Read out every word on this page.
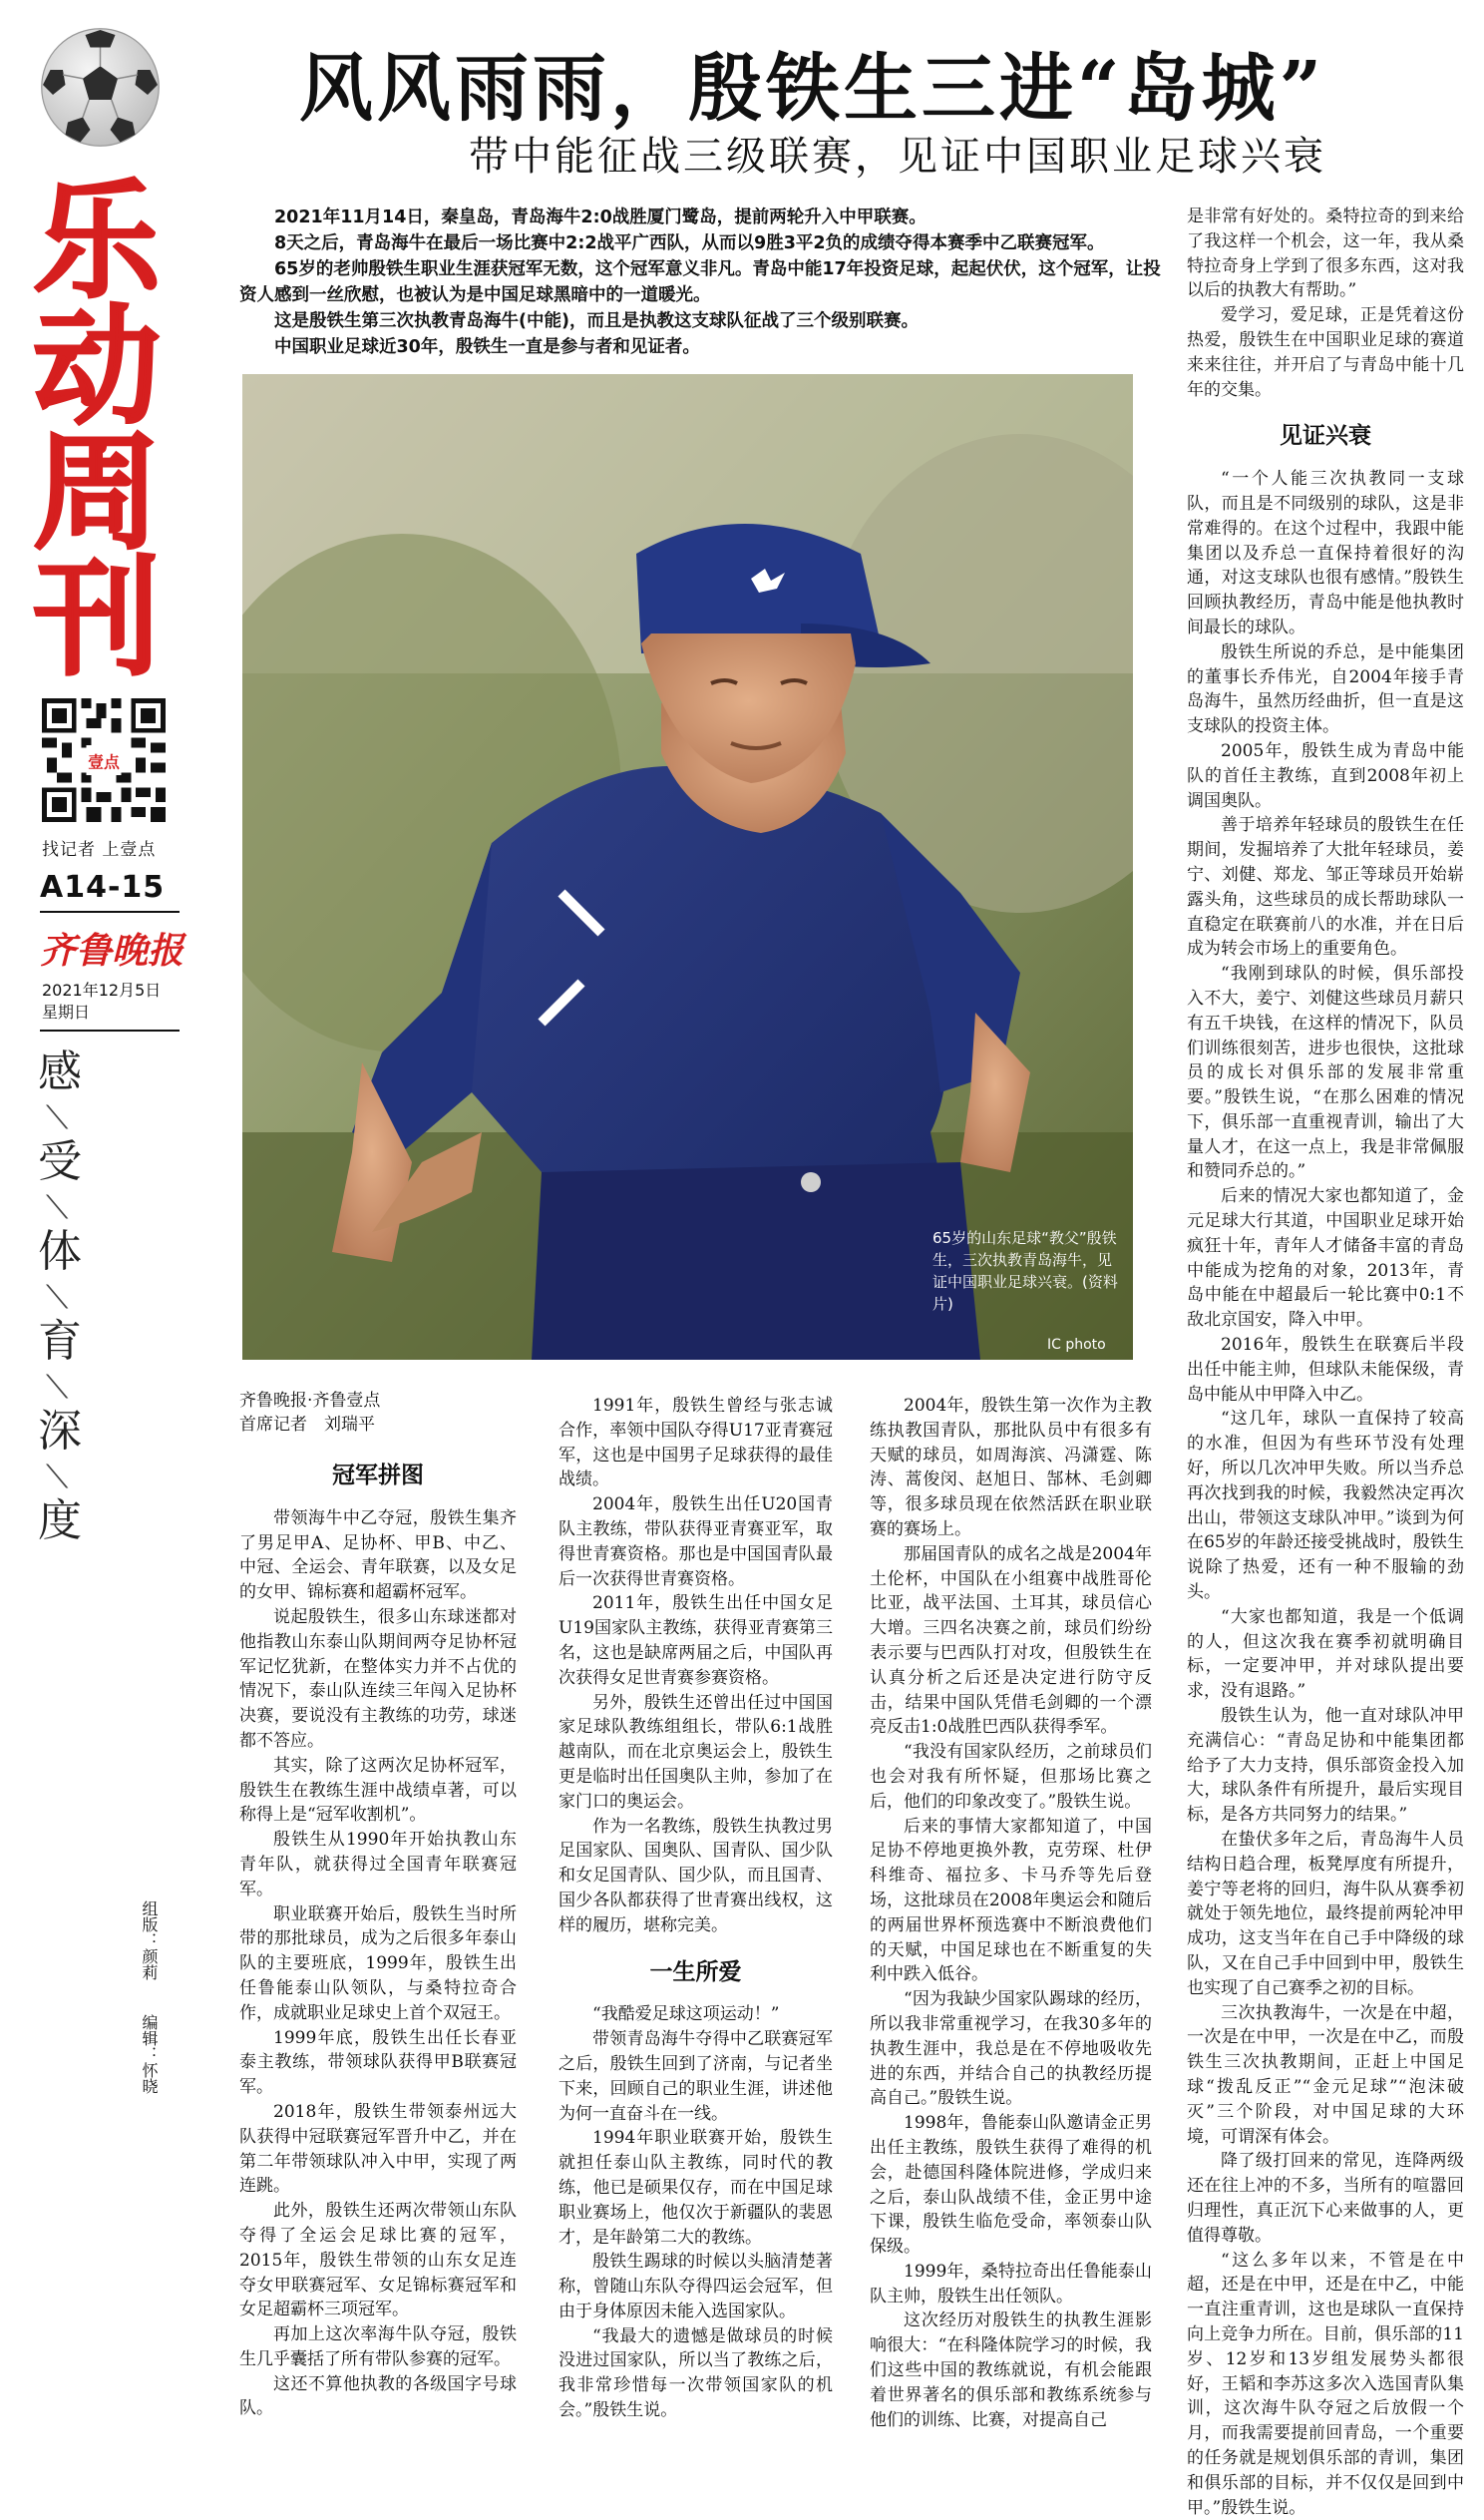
乐
动
周
刊
壹点
找记者 上壹点
A14-15
齐鲁晚报
2021年12月5日
星期日
感
⟍
受
⟍
体
⟍
育
⟍
深
⟍
度
组版：颜莉 编辑：怀晓
风风雨雨，殷铁生三进“岛城”
带中能征战三级联赛，见证中国职业足球兴衰

2021年11月14日，秦皇岛，青岛海牛2:0战胜厦门鹭岛，提前两轮升入中甲联赛。

8天之后，青岛海牛在最后一场比赛中2:2战平广西队，从而以9胜3平2负的成绩夺得本赛季中乙联赛冠军。

65岁的老帅殷铁生职业生涯获冠军无数，这个冠军意义非凡。青岛中能17年投资足球，起起伏伏，这个冠军，让投资人感到一丝欣慰，也被认为是中国足球黑暗中的一道暖光。

这是殷铁生第三次执教青岛海牛(中能)，而且是执教这支球队征战了三个级别联赛。

中国职业足球近30年，殷铁生一直是参与者和见证者。

65岁的山东足球“教父”殷铁生，三次执教青岛海牛，见证中国职业足球兴衰。(资料片)
IC photo
齐鲁晚报·齐鲁壹点
首席记者　刘瑞平
冠军拼图

带领海牛中乙夺冠，殷铁生集齐了男足甲A、足协杯、甲B、中乙、中冠、全运会、青年联赛，以及女足的女甲、锦标赛和超霸杯冠军。

说起殷铁生，很多山东球迷都对他指教山东泰山队期间两夺足协杯冠军记忆犹新，在整体实力并不占优的情况下，泰山队连续三年闯入足协杯决赛，要说没有主教练的功劳，球迷都不答应。

其实，除了这两次足协杯冠军，殷铁生在教练生涯中战绩卓著，可以称得上是“冠军收割机”。

殷铁生从1990年开始执教山东青年队，就获得过全国青年联赛冠军。

职业联赛开始后，殷铁生当时所带的那批球员，成为之后很多年泰山队的主要班底，1999年，殷铁生出任鲁能泰山队领队，与桑特拉奇合作，成就职业足球史上首个双冠王。

1999年底，殷铁生出任长春亚泰主教练，带领球队获得甲B联赛冠军。

2018年，殷铁生带领泰州远大队获得中冠联赛冠军晋升中乙，并在第二年带领球队冲入中甲，实现了两连跳。

此外，殷铁生还两次带领山东队夺得了全运会足球比赛的冠军，2015年，殷铁生带领的山东女足连夺女甲联赛冠军、女足锦标赛冠军和女足超霸杯三项冠军。

再加上这次率海牛队夺冠，殷铁生几乎囊括了所有带队参赛的冠军。

这还不算他执教的各级国字号球队。

1991年，殷铁生曾经与张志诚合作，率领中国队夺得U17亚青赛冠军，这也是中国男子足球获得的最佳战绩。

2004年，殷铁生出任U20国青队主教练，带队获得亚青赛亚军，取得世青赛资格。那也是中国国青队最后一次获得世青赛资格。

2011年，殷铁生出任中国女足U19国家队主教练，获得亚青赛第三名，这也是缺席两届之后，中国队再次获得女足世青赛参赛资格。

另外，殷铁生还曾出任过中国国家足球队教练组组长，带队6:1战胜越南队，而在北京奥运会上，殷铁生更是临时出任国奥队主帅，参加了在家门口的奥运会。

作为一名教练，殷铁生执教过男足国家队、国奥队、国青队、国少队和女足国青队、国少队，而且国青、国少各队都获得了世青赛出线权，这样的履历，堪称完美。

一生所爱

“我酷爱足球这项运动！”

带领青岛海牛夺得中乙联赛冠军之后，殷铁生回到了济南，与记者坐下来，回顾自己的职业生涯，讲述他为何一直奋斗在一线。

1994年职业联赛开始，殷铁生就担任泰山队主教练，同时代的教练，他已是硕果仅存，而在中国足球职业赛场上，他仅次于新疆队的裴恩才，是年龄第二大的教练。

殷铁生踢球的时候以头脑清楚著称，曾随山东队夺得四运会冠军，但由于身体原因未能入选国家队。

“我最大的遗憾是做球员的时候没进过国家队，所以当了教练之后，我非常珍惜每一次带领国家队的机会。”殷铁生说。

2004年，殷铁生第一次作为主教练执教国青队，那批队员中有很多有天赋的球员，如周海滨、冯潇霆、陈涛、蒿俊闵、赵旭日、郜林、毛剑卿等，很多球员现在依然活跃在职业联赛的赛场上。

那届国青队的成名之战是2004年土伦杯，中国队在小组赛中战胜哥伦比亚，战平法国、土耳其，球员信心大增。三四名决赛之前，球员们纷纷表示要与巴西队打对攻，但殷铁生在认真分析之后还是决定进行防守反击，结果中国队凭借毛剑卿的一个漂亮反击1:0战胜巴西队获得季军。

“我没有国家队经历，之前球员们也会对我有所怀疑，但那场比赛之后，他们的印象改变了。”殷铁生说。

后来的事情大家都知道了，中国足协不停地更换外教，克劳琛、杜伊科维奇、福拉多、卡马乔等先后登场，这批球员在2008年奥运会和随后的两届世界杯预选赛中不断浪费他们的天赋，中国足球也在不断重复的失利中跌入低谷。

“因为我缺少国家队踢球的经历，所以我非常重视学习，在我30多年的执教生涯中，我总是在不停地吸收先进的东西，并结合自己的执教经历提高自己。”殷铁生说。

1998年，鲁能泰山队邀请金正男出任主教练，殷铁生获得了难得的机会，赴德国科隆体院进修，学成归来之后，泰山队战绩不佳，金正男中途下课，殷铁生临危受命，率领泰山队保级。

1999年，桑特拉奇出任鲁能泰山队主帅，殷铁生出任领队。

这次经历对殷铁生的执教生涯影响很大：“在科隆体院学习的时候，我们这些中国的教练就说，有机会能跟着世界著名的俱乐部和教练系统参与他们的训练、比赛，对提高自己

是非常有好处的。桑特拉奇的到来给了我这样一个机会，这一年，我从桑特拉奇身上学到了很多东西，这对我以后的执教大有帮助。”

爱学习，爱足球，正是凭着这份热爱，殷铁生在中国职业足球的赛道来来往往，并开启了与青岛中能十几年的交集。

见证兴衰

“一个人能三次执教同一支球队，而且是不同级别的球队，这是非常难得的。在这个过程中，我跟中能集团以及乔总一直保持着很好的沟通，对这支球队也很有感情。”殷铁生回顾执教经历，青岛中能是他执教时间最长的球队。

殷铁生所说的乔总，是中能集团的董事长乔伟光，自2004年接手青岛海牛，虽然历经曲折，但一直是这支球队的投资主体。

2005年，殷铁生成为青岛中能队的首任主教练，直到2008年初上调国奥队。

善于培养年轻球员的殷铁生在任期间，发掘培养了大批年轻球员，姜宁、刘健、郑龙、邹正等球员开始崭露头角，这些球员的成长帮助球队一直稳定在联赛前八的水准，并在日后成为转会市场上的重要角色。

“我刚到球队的时候，俱乐部投入不大，姜宁、刘健这些球员月薪只有五千块钱，在这样的情况下，队员们训练很刻苦，进步也很快，这批球员的成长对俱乐部的发展非常重要。”殷铁生说，“在那么困难的情况下，俱乐部一直重视青训，输出了大量人才，在这一点上，我是非常佩服和赞同乔总的。”

后来的情况大家也都知道了，金元足球大行其道，中国职业足球开始疯狂十年，青年人才储备丰富的青岛中能成为挖角的对象，2013年，青岛中能在中超最后一轮比赛中0:1不敌北京国安，降入中甲。

2016年，殷铁生在联赛后半段出任中能主帅，但球队未能保级，青岛中能从中甲降入中乙。

“这几年，球队一直保持了较高的水准，但因为有些环节没有处理好，所以几次冲甲失败。所以当乔总再次找到我的时候，我毅然决定再次出山，带领这支球队冲甲。”谈到为何在65岁的年龄还接受挑战时，殷铁生说除了热爱，还有一种不服输的劲头。

“大家也都知道，我是一个低调的人，但这次我在赛季初就明确目标，一定要冲甲，并对球队提出要求，没有退路。”

殷铁生认为，他一直对球队冲甲充满信心：“青岛足协和中能集团都给予了大力支持，俱乐部资金投入加大，球队条件有所提升，最后实现目标，是各方共同努力的结果。”

在蛰伏多年之后，青岛海牛人员结构日趋合理，板凳厚度有所提升，姜宁等老将的回归，海牛队从赛季初就处于领先地位，最终提前两轮冲甲成功，这支当年在自己手中降级的球队，又在自己手中回到中甲，殷铁生也实现了自己赛季之初的目标。

三次执教海牛，一次是在中超，一次是在中甲，一次是在中乙，而殷铁生三次执教期间，正赶上中国足球“拨乱反正”“金元足球”“泡沫破灭”三个阶段，对中国足球的大环境，可谓深有体会。

降了级打回来的常见，连降两级还在往上冲的不多，当所有的喧嚣回归理性，真正沉下心来做事的人，更值得尊敬。

“这么多年以来，不管是在中超，还是在中甲，还是在中乙，中能一直注重青训，这也是球队一直保持向上竞争力所在。目前，俱乐部的11岁、12岁和13岁组发展势头都很好，王韬和李苏这多次入选国青队集训，这次海牛队夺冠之后放假一个月，而我需要提前回青岛，一个重要的任务就是规划俱乐部的青训，集团和俱乐部的目标，并不仅仅是回到中甲。”殷铁生说。
